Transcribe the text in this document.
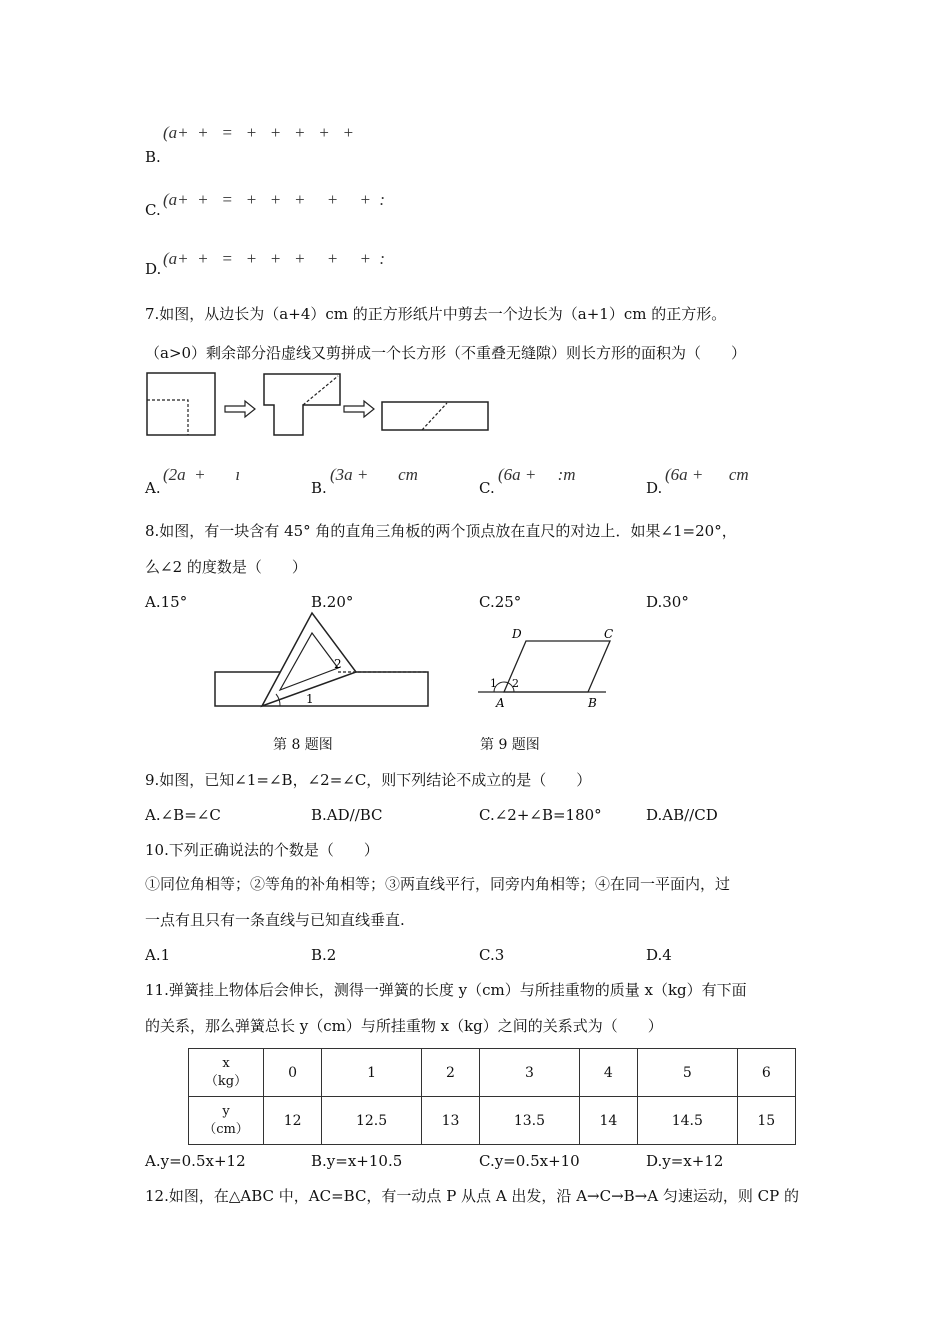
(a+  +   =   +   +   +   +   +
B.
(a+  +   =   +   +   +     +     +  :
C.
(a+  +   =   +   +   +     +     +  :
D.
7.如图，从边长为（a+4）cm 的正方形纸片中剪去一个边长为（a+1）cm 的正方形。
（a>0）剩余部分沿虚线又剪拼成一个长方形（不重叠无缝隙）则长方形的面积为（　　）
(2a  +       ı
A.
(3a +       cm
B.
(6a +     :m
C.
(6a +      cm
D.
8.如图，有一块含有 45° 角的直角三角板的两个顶点放在直尺的对边上．如果∠1=20°，
么∠2 的度数是（　　）
A.15°	B.20°	C.25°	D.30°
1
2
D	C
A	B
1 2
第 8 题图	第 9 题图
9.如图，已知∠1=∠B，∠2=∠C，则下列结论不成立的是（　　）
A.∠B=∠C	B.AD//BC	C.∠2+∠B=180°	D.AB//CD
10.下列正确说法的个数是（　　）
①同位角相等；②等角的补角相等；③两直线平行，同旁内角相等；④在同一平面内，过
一点有且只有一条直线与已知直线垂直.
A.1	B.2	C.3	D.4
11.弹簧挂上物体后会伸长，测得一弹簧的长度 y（cm）与所挂重物的质量 x（kg）有下面
的关系，那么弹簧总长 y（cm）与所挂重物 x（kg）之间的关系式为（　　）
x
（kg）	0	1	2	3	4	5	6

y
（cm）	12	12.5	13	13.5	14	14.5	15
A.y=0.5x+12	B.y=x+10.5	C.y=0.5x+10	D.y=x+12
12.如图，在△ABC 中，AC=BC，有一动点 P 从点 A 出发，沿 A→C→B→A 匀速运动，则 CP 的
